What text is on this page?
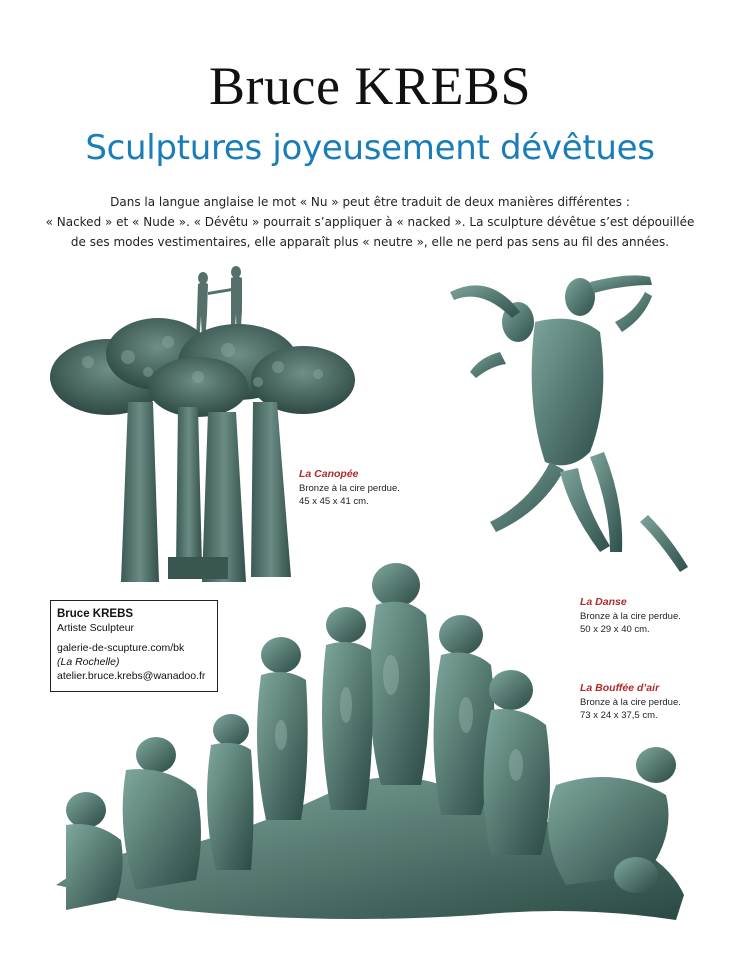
Bruce KREBS
Sculptures joyeusement dévêtues
Dans la langue anglaise le mot « Nu » peut être traduit de deux manières différentes :
« Nacked » et « Nude ». « Dévêtu » pourrait s’appliquer à « nacked ». La sculpture dévêtue s’est dépouillée
de ses modes vestimentaires, elle apparaît plus « neutre », elle ne perd pas sens au fil des années.
La Canopée
Bronze à la cire perdue.
45 x 45 x 41 cm.
La Danse
Bronze à la cire perdue.
50 x 29 x 40 cm.
La Bouffée d’air
Bronze à la cire perdue.
73 x 24 x 37,5 cm.
Bruce KREBS
Artiste Sculpteur
galerie-de-scupture.com/bk
(La Rochelle)
atelier.bruce.krebs@wanadoo.fr
